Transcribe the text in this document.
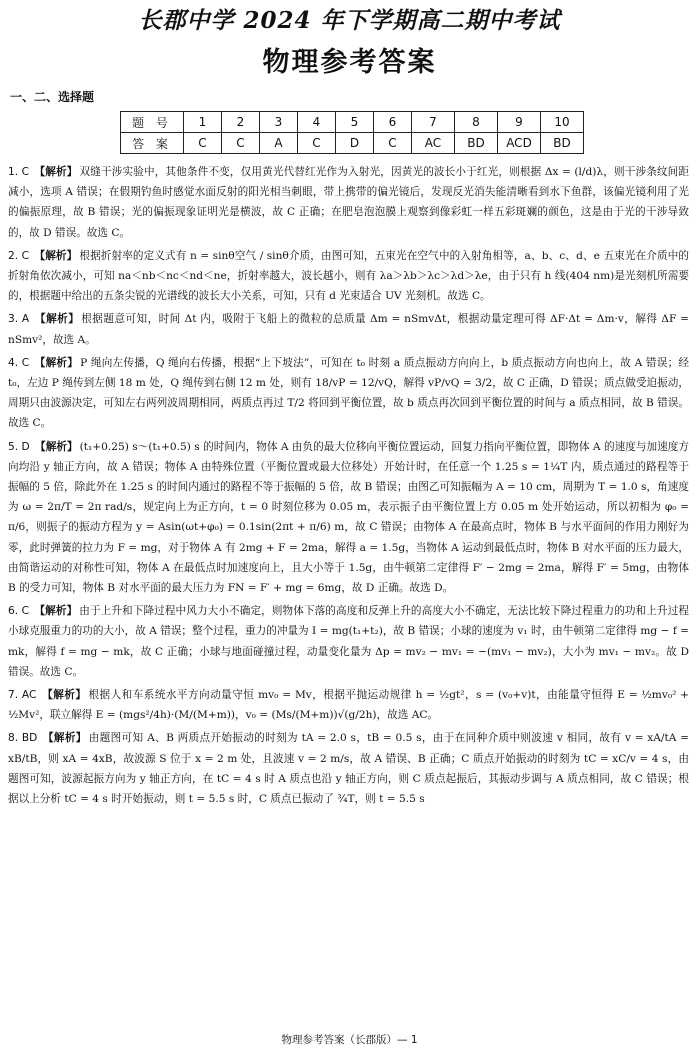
长郡中学 2024 年下学期高二期中考试
物理参考答案
一、二、选择题
题 号	1	2	3	4	5	6	7	8	9	10
答 案	C	C	A	C	D	C	AC	BD	ACD	BD

1. C 【解析】 双缝干涉实验中，其他条件不变，仅用黄光代替红光作为入射光，因黄光的波长小于红光，则根据 Δx = (l/d)λ，则干涉条纹间距减小，选项 A 错误；在假期钓鱼时感觉水面反射的阳光相当刺眼，带上携带的偏光镜后，发现反光消失能清晰看到水下鱼群，该偏光镜利用了光的偏振原理，故 B 错误；光的偏振现象证明光是横波，故 C 正确；在肥皂泡泡膜上观察到像彩虹一样五彩斑斓的颜色，这是由于光的干涉导致的，故 D 错误。故选 C。

2. C 【解析】 根据折射率的定义式有 n = sinθ空气 / sinθ介质，由图可知，五束光在空气中的入射角相等，a、b、c、d、e 五束光在介质中的折射角依次减小，可知 na＜nb＜nc＜nd＜ne，折射率越大，波长越小，则有 λa＞λb＞λc＞λd＞λe，由于只有 h 线(404 nm)是光刻机所需要的，根据题中给出的五条尖锐的光谱线的波长大小关系，可知，只有 d 光束适合 UV 光刻机。故选 C。

3. A 【解析】 根据题意可知，时间 Δt 内，吸附于飞船上的微粒的总质量 Δm = nSmvΔt，根据动量定理可得 ΔF·Δt = Δm·v，解得 ΔF = nSmv²，故选 A。

4. C 【解析】 P 绳向左传播，Q 绳向右传播，根据“上下坡法”，可知在 t₀ 时刻 a 质点振动方向向上，b 质点振动方向也向上，故 A 错误；经 t₀，左边 P 绳传到左侧 18 m 处，Q 绳传到右侧 12 m 处，则有 18/vP = 12/vQ，解得 vP/vQ = 3/2，故 C 正确，D 错误；质点做受迫振动，周期只由波源决定，可知左右两列波周期相同，两质点再过 T/2 将回到平衡位置，故 b 质点再次回到平衡位置的时间与 a 质点相同，故 B 错误。故选 C。

5. D 【解析】 (t₁+0.25) s～(t₁+0.5) s 的时间内，物体 A 由负的最大位移向平衡位置运动，回复力指向平衡位置，即物体 A 的速度与加速度方向均沿 y 轴正方向，故 A 错误；物体 A 由特殊位置（平衡位置或最大位移处）开始计时，在任意一个 1.25 s = 1¼T 内，质点通过的路程等于振幅的 5 倍，除此外在 1.25 s 的时间内通过的路程不等于振幅的 5 倍，故 B 错误；由图乙可知振幅为 A = 10 cm，周期为 T = 1.0 s，角速度为 ω = 2π/T = 2π rad/s，规定向上为正方向，t = 0 时刻位移为 0.05 m，表示振子由平衡位置上方 0.05 m 处开始运动，所以初相为 φ₀ = π/6，则振子的振动方程为 y = Asin(ωt+φ₀) = 0.1sin(2πt + π/6) m，故 C 错误；由物体 A 在最高点时，物体 B 与水平面间的作用力刚好为零，此时弹簧的拉力为 F = mg，对于物体 A 有 2mg + F = 2ma，解得 a = 1.5g，当物体 A 运动到最低点时，物体 B 对水平面的压力最大，由简谐运动的对称性可知，物体 A 在最低点时加速度向上，且大小等于 1.5g，由牛顿第二定律得 F′ − 2mg = 2ma，解得 F′ = 5mg，由物体 B 的受力可知，物体 B 对水平面的最大压力为 FN = F′ + mg = 6mg，故 D 正确。故选 D。

6. C 【解析】 由于上升和下降过程中风力大小不确定，则物体下落的高度和反弹上升的高度大小不确定，无法比较下降过程重力的功和上升过程小球克服重力的功的大小，故 A 错误；整个过程，重力的冲量为 I = mg(t₁+t₂)，故 B 错误；小球的速度为 v₁ 时，由牛顿第二定律得 mg − f = mk，解得 f = mg − mk，故 C 正确；小球与地面碰撞过程，动量变化量为 Δp = mv₂ − mv₁ = −(mv₁ − mv₂)，大小为 mv₁ − mv₂。故 D 错误。故选 C。

7. AC 【解析】 根据人和车系统水平方向动量守恒 mv₀ = Mv，根据平抛运动规律 h = ½gt²，s = (v₀+v)t，由能量守恒得 E = ½mv₀² + ½Mv²，联立解得 E = (mgs²/4h)·(M/(M+m))，v₀ = (Ms/(M+m))√(g/2h)，故选 AC。

8. BD 【解析】 由题图可知 A、B 两质点开始振动的时刻为 tA = 2.0 s，tB = 0.5 s，由于在同种介质中则波速 v 相同，故有 v = xA/tA = xB/tB，则 xA = 4xB，故波源 S 位于 x = 2 m 处，且波速 v = 2 m/s，故 A 错误、B 正确；C 质点开始振动的时刻为 tC = xC/v = 4 s，由题图可知，波源起振方向为 y 轴正方向，在 tC = 4 s 时 A 质点也沿 y 轴正方向，则 C 质点起振后，其振动步调与 A 质点相同，故 C 错误；根据以上分析 tC = 4 s 时开始振动，则 t = 5.5 s 时，C 质点已振动了 ¾T，则 t = 5.5 s

物理参考答案（长郡版）— 1
